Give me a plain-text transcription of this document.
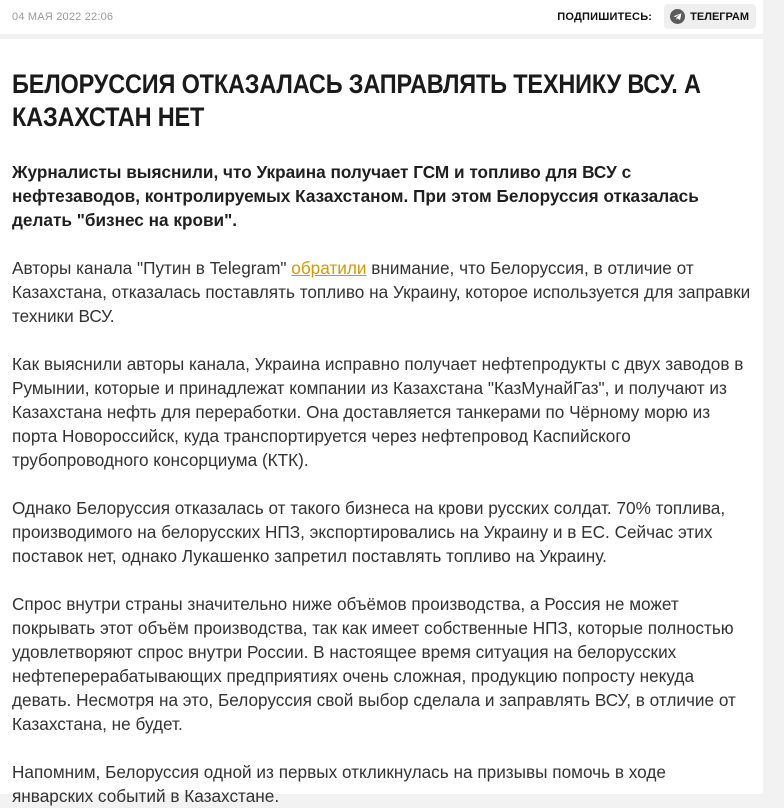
04 МАЯ 2022 22:06	ПОДПИШИТЕСЬ:	ТЕЛЕГРАМ
БЕЛОРУССИЯ ОТКАЗАЛАСЬ ЗАПРАВЛЯТЬ ТЕХНИКУ ВСУ. А КАЗАХСТАН НЕТ

Журналисты выяснили, что Украина получает ГСМ и топливо для ВСУ с нефтезаводов, контролируемых Казахстаном. При этом Белоруссия отказалась делать "бизнес на крови".

Авторы канала "Путин в Telegram" обратили внимание, что Белоруссия, в отличие от Казахстана, отказалась поставлять топливо на Украину, которое используется для заправки техники ВСУ.

Как выяснили авторы канала, Украина исправно получает нефтепродукты с двух заводов в Румынии, которые и принадлежат компании из Казахстана "КазМунайГаз", и получают из Казахстана нефть для переработки. Она доставляется танкерами по Чёрному морю из порта Новороссийск, куда транспортируется через нефтепровод Каспийского трубопроводного консорциума (КТК).

Однако Белоруссия отказалась от такого бизнеса на крови русских солдат. 70% топлива, производимого на белорусских НПЗ, экспортировались на Украину и в ЕС. Сейчас этих поставок нет, однако Лукашенко запретил поставлять топливо на Украину.

Спрос внутри страны значительно ниже объёмов производства, а Россия не может покрывать этот объём производства, так как имеет собственные НПЗ, которые полностью удовлетворяют спрос внутри России. В настоящее время ситуация на белорусских нефтеперерабатывающих предприятиях очень сложная, продукцию попросту некуда девать. Несмотря на это, Белоруссия свой выбор сделала и заправлять ВСУ, в отличие от Казахстана, не будет.

Напомним, Белоруссия одной из первых откликнулась на призывы помочь в ходе январских событий в Казахстане.
